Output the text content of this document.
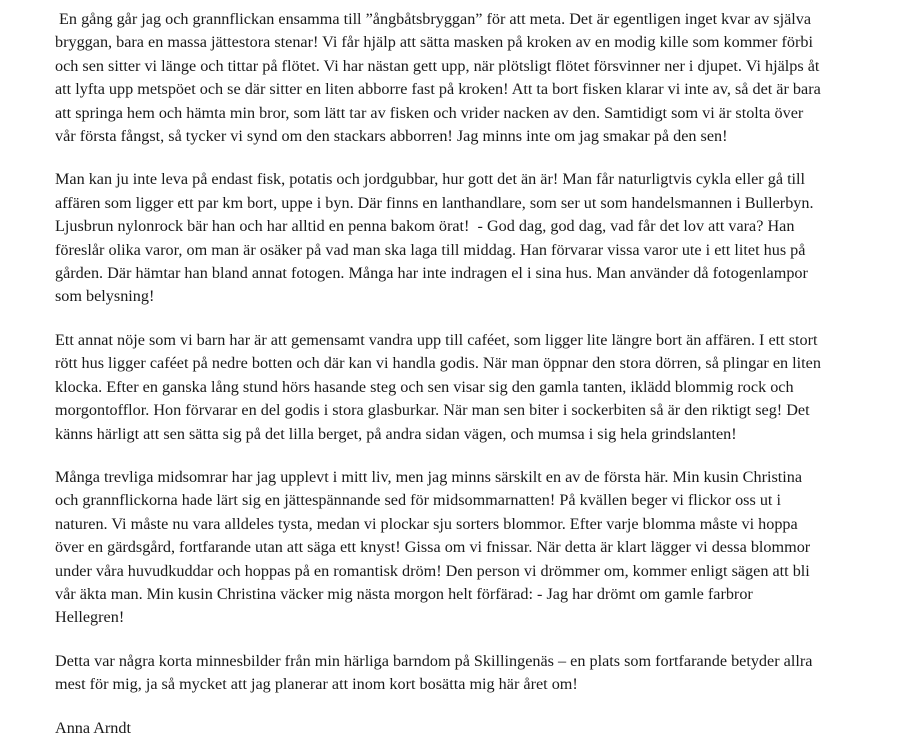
En gång går jag och grannflickan ensamma till ”ångbåtsbryggan” för att meta. Det är egentligen inget kvar av själva
bryggan, bara en massa jättestora stenar! Vi får hjälp att sätta masken på kroken av en modig kille som kommer förbi
och sen sitter vi länge och tittar på flötet. Vi har nästan gett upp, när plötsligt flötet försvinner ner i djupet. Vi hjälps åt
att lyfta upp metspöet och se där sitter en liten abborre fast på kroken! Att ta bort fisken klarar vi inte av, så det är bara
att springa hem och hämta min bror, som lätt tar av fisken och vrider nacken av den. Samtidigt som vi är stolta över
vår första fångst, så tycker vi synd om den stackars abborren! Jag minns inte om jag smakar på den sen!
Man kan ju inte leva på endast fisk, potatis och jordgubbar, hur gott det än är! Man får naturligtvis cykla eller gå till
affären som ligger ett par km bort, uppe i byn. Där finns en lanthandlare, som ser ut som handelsmannen i Bullerbyn.
Ljusbrun nylonrock bär han och har alltid en penna bakom örat!  - God dag, god dag, vad får det lov att vara? Han
föreslår olika varor, om man är osäker på vad man ska laga till middag. Han förvarar vissa varor ute i ett litet hus på
gården. Där hämtar han bland annat fotogen. Många har inte indragen el i sina hus. Man använder då fotogenlampor
som belysning!
Ett annat nöje som vi barn har är att gemensamt vandra upp till caféet, som ligger lite längre bort än affären. I ett stort
rött hus ligger caféet på nedre botten och där kan vi handla godis. När man öppnar den stora dörren, så plingar en liten
klocka. Efter en ganska lång stund hörs hasande steg och sen visar sig den gamla tanten, iklädd blommig rock och
morgontofflor. Hon förvarar en del godis i stora glasburkar. När man sen biter i sockerbiten så är den riktigt seg! Det
känns härligt att sen sätta sig på det lilla berget, på andra sidan vägen, och mumsa i sig hela grindslanten!
Många trevliga midsomrar har jag upplevt i mitt liv, men jag minns särskilt en av de första här. Min kusin Christina
och grannflickorna hade lärt sig en jättespännande sed för midsommarnatten! På kvällen beger vi flickor oss ut i
naturen. Vi måste nu vara alldeles tysta, medan vi plockar sju sorters blommor. Efter varje blomma måste vi hoppa
över en gärdsgård, fortfarande utan att säga ett knyst! Gissa om vi fnissar. När detta är klart lägger vi dessa blommor
under våra huvudkuddar och hoppas på en romantisk dröm! Den person vi drömmer om, kommer enligt sägen att bli
vår äkta man. Min kusin Christina väcker mig nästa morgon helt förfärad: - Jag har drömt om gamle farbror
Hellegren!
Detta var några korta minnesbilder från min härliga barndom på Skillingenäs – en plats som fortfarande betyder allra
mest för mig, ja så mycket att jag planerar att inom kort bosätta mig här året om!

Anna Arndt
